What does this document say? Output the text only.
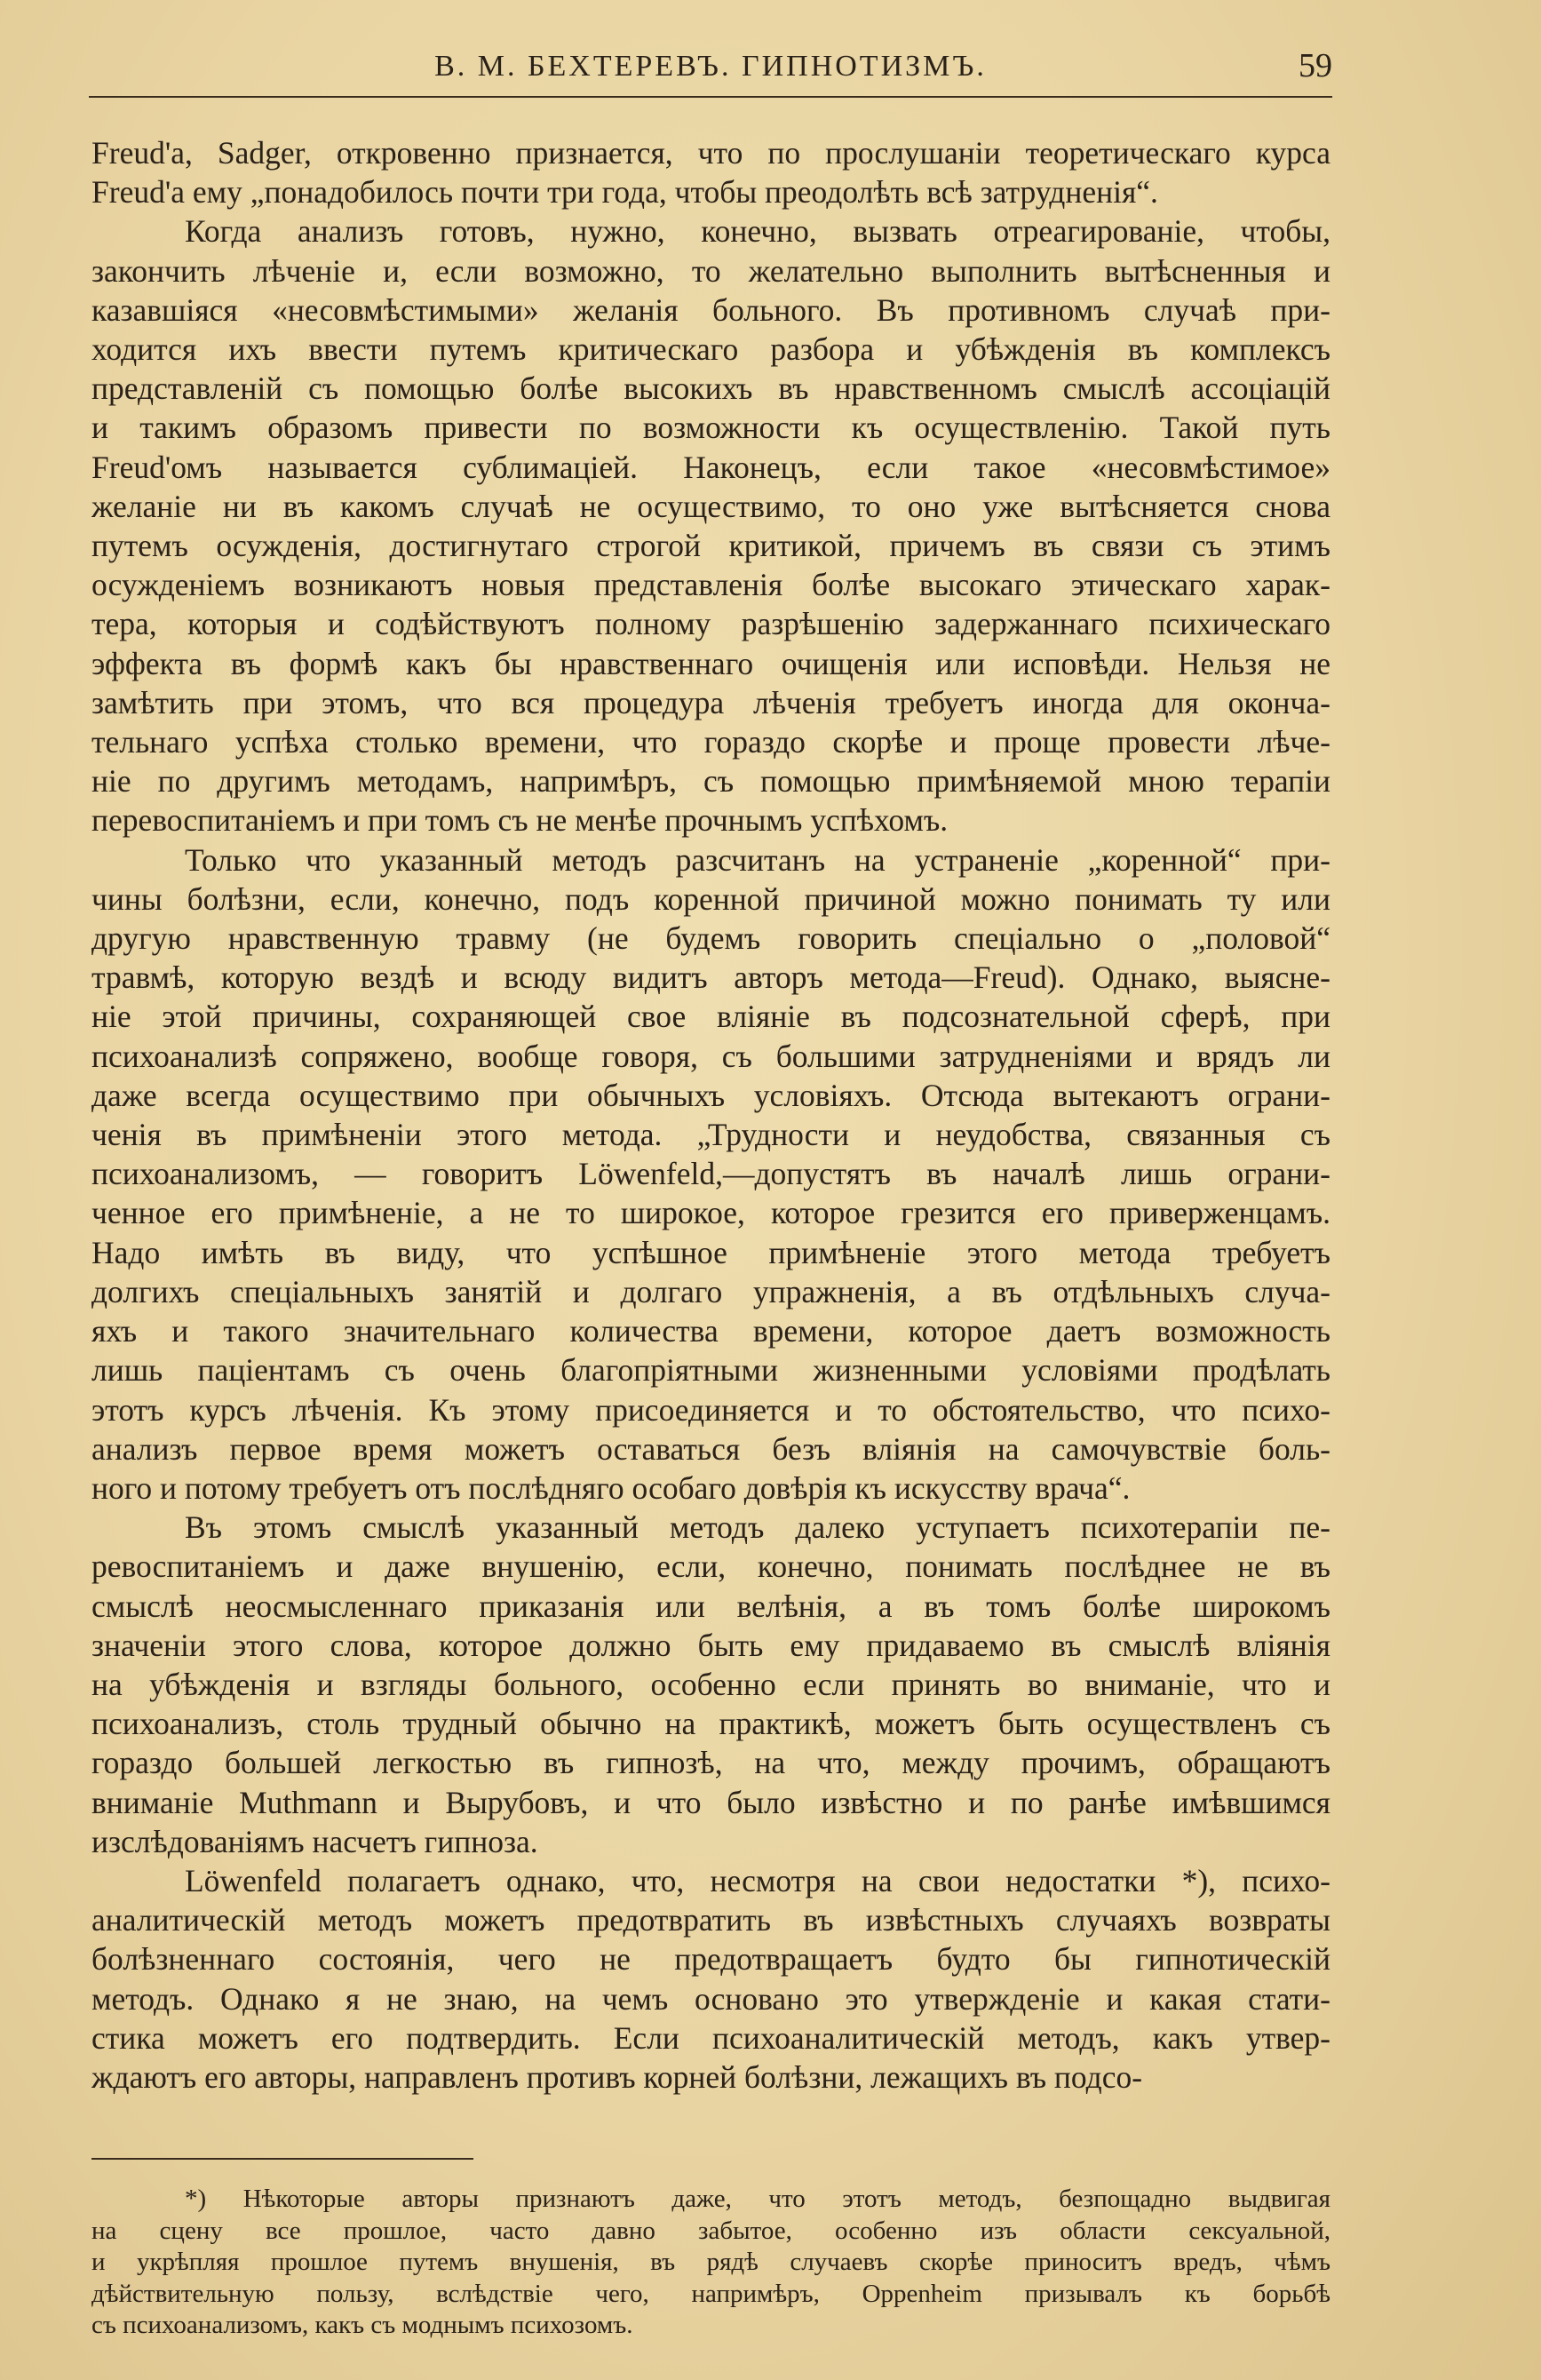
В. М. БЕХТЕРЕВЪ. ГИПНОТИЗМЪ.	59

Freud'а, Sadger, откровенно признается, что по прослушаніи теоретическаго курса
Freud'а ему „понадобилось почти три года, чтобы преодолѣть всѣ затрудненія“.

Когда анализъ готовъ, нужно, конечно, вызвать отреагированіе, чтобы,
закончить лѣченіе и, если возможно, то желательно выполнить вытѣсненныя и
казавшіяся «несовмѣстимыми» желанія больного. Въ противномъ случаѣ при-
ходится ихъ ввести путемъ критическаго разбора и убѣжденія въ комплексъ
представленій съ помощью болѣе высокихъ въ нравственномъ смыслѣ ассоціацій
и такимъ образомъ привести по возможности къ осуществленію. Такой путь
Freud'омъ называется сублимаціей. Наконецъ, если такое «несовмѣстимое»
желаніе ни въ какомъ случаѣ не осуществимо, то оно уже вытѣсняется снова
путемъ осужденія, достигнутаго строгой критикой, причемъ въ связи съ этимъ
осужденіемъ возникаютъ новыя представленія болѣе высокаго этическаго харак-
тера, которыя и содѣйствуютъ полному разрѣшенію задержаннаго психическаго
эффекта въ формѣ какъ бы нравственнаго очищенія или исповѣди. Нельзя не
замѣтить при этомъ, что вся процедура лѣченія требуетъ иногда для оконча-
тельнаго успѣха столько времени, что гораздо скорѣе и проще провести лѣче-
ніе по другимъ методамъ, напримѣръ, съ помощью примѣняемой мною терапіи
перевоспитаніемъ и при томъ съ не менѣе прочнымъ успѣхомъ.

Только что указанный методъ разсчитанъ на устраненіе „коренной“ при-
чины болѣзни, если, конечно, подъ коренной причиной можно понимать ту или
другую нравственную травму (не будемъ говорить спеціально о „половой“
травмѣ, которую вездѣ и всюду видитъ авторъ метода—Freud). Однако, выясне-
ніе этой причины, сохраняющей свое вліяніе въ подсознательной сферѣ, при
психоанализѣ сопряжено, вообще говоря, съ большими затрудненіями и врядъ ли
даже всегда осуществимо при обычныхъ условіяхъ. Отсюда вытекаютъ ограни-
ченія въ примѣненіи этого метода. „Трудности и неудобства, связанныя съ
психоанализомъ, — говоритъ Löwenfeld,—допустятъ въ началѣ лишь ограни-
ченное его примѣненіе, а не то широкое, которое грезится его приверженцамъ.
Надо имѣть въ виду, что успѣшное примѣненіе этого метода требуетъ
долгихъ спеціальныхъ занятій и долгаго упражненія, а въ отдѣльныхъ случа-
яхъ и такого значительнаго количества времени, которое даетъ возможность
лишь паціентамъ съ очень благопріятными жизненными условіями продѣлать
этотъ курсъ лѣченія. Къ этому присоединяется и то обстоятельство, что психо-
анализъ первое время можетъ оставаться безъ вліянія на самочувствіе боль-
ного и потому требуетъ отъ послѣдняго особаго довѣрія къ искусству врача“.

Въ этомъ смыслѣ указанный методъ далеко уступаетъ психотерапіи пе-
ревоспитаніемъ и даже внушенію, если, конечно, понимать послѣднее не въ
смыслѣ неосмысленнаго приказанія или велѣнія, а въ томъ болѣе широкомъ
значеніи этого слова, которое должно быть ему придаваемо въ смыслѣ вліянія
на убѣжденія и взгляды больного, особенно если принять во вниманіе, что и
психоанализъ, столь трудный обычно на практикѣ, можетъ быть осуществленъ съ
гораздо большей легкостью въ гипнозѣ, на что, между прочимъ, обращаютъ
вниманіе Muthmann и Вырубовъ, и что было извѣстно и по ранѣе имѣвшимся
изслѣдованіямъ насчетъ гипноза.

Löwenfeld полагаетъ однако, что, несмотря на свои недостатки *), психо-
аналитическій методъ можетъ предотвратить въ извѣстныхъ случаяхъ возвраты
болѣзненнаго состоянія, чего не предотвращаетъ будто бы гипнотическій
методъ. Однако я не знаю, на чемъ основано это утвержденіе и какая стати-
стика можетъ его подтвердить. Если психоаналитическій методъ, какъ утвер-
ждаютъ его авторы, направленъ противъ корней болѣзни, лежащихъ въ подсо-

*) Нѣкоторые авторы признаютъ даже, что этотъ методъ, безпощадно выдвигая
на сцену все прошлое, часто давно забытое, особенно изъ области сексуальной,
и укрѣпляя прошлое путемъ внушенія, въ рядѣ случаевъ скорѣе приноситъ вредъ, чѣмъ
дѣйствительную пользу, вслѣдствіе чего, напримѣръ, Oppenheim призывалъ къ борьбѣ
съ психоанализомъ, какъ съ моднымъ психозомъ.
